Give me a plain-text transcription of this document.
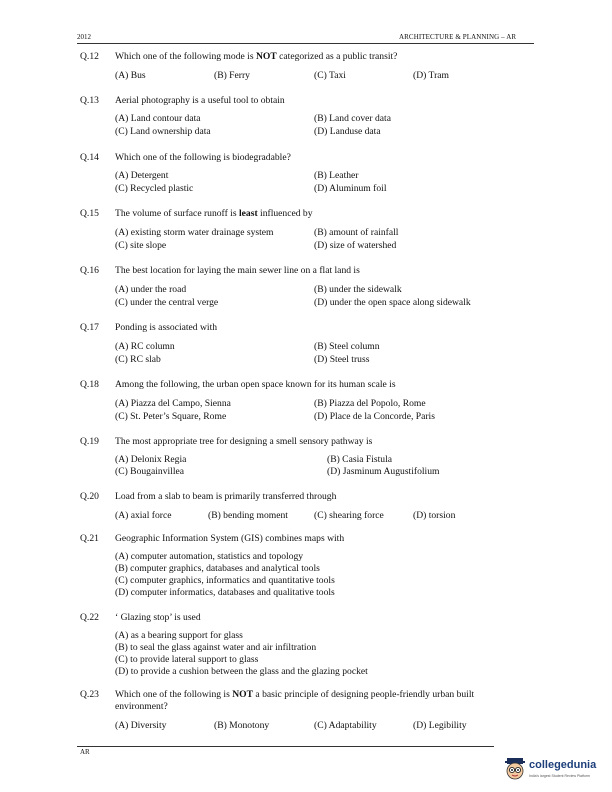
2012	ARCHITECTURE & PLANNING – AR
Q.12 Which one of the following mode is NOT categorized as a public transit?
(A) Bus	(B) Ferry	(C) Taxi	(D) Tram
Q.13 Aerial photography is a useful tool to obtain
(A) Land contour data	(B) Land cover data
(C) Land ownership data	(D) Landuse data
Q.14 Which one of the following is biodegradable?
(A) Detergent	(B) Leather
(C) Recycled plastic	(D) Aluminum foil
Q.15 The volume of surface runoff is least influenced by
(A) existing storm water drainage system	(B) amount of rainfall
(C) site slope	(D) size of watershed
Q.16 The best location for laying the main sewer line on a flat land is
(A) under the road	(B) under the sidewalk
(C) under the central verge	(D) under the open space along sidewalk
Q.17 Ponding is associated with
(A) RC column	(B) Steel column
(C) RC slab	(D) Steel truss
Q.18 Among the following, the urban open space known for its human scale is
(A) Piazza del Campo, Sienna	(B) Piazza del Popolo, Rome
(C) St. Peter’s Square, Rome	(D) Place de la Concorde, Paris
Q.19 The most appropriate tree for designing a smell sensory pathway is
(A) Delonix Regia	(B) Casia Fistula
(C) Bougainvillea	(D) Jasminum Augustifolium
Q.20 Load from a slab to beam is primarily transferred through
(A) axial force	(B) bending moment	(C) shearing force	(D) torsion
Q.21 Geographic Information System (GIS) combines maps with
(A) computer automation, statistics and topology
(B) computer graphics, databases and analytical tools
(C) computer graphics, informatics and quantitative tools
(D) computer informatics, databases and qualitative tools
Q.22 ‘ Glazing stop’ is used
(A) as a bearing support for glass
(B) to seal the glass against water and air infiltration
(C) to provide lateral support to glass
(D) to provide a cushion between the glass and the glazing pocket
Q.23 Which one of the following is NOT a basic principle of designing people-friendly urban built
environment?
(A) Diversity	(B) Monotony	(C) Adaptability	(D) Legibility
AR
collegedunia
India's largest Student Review Platform
